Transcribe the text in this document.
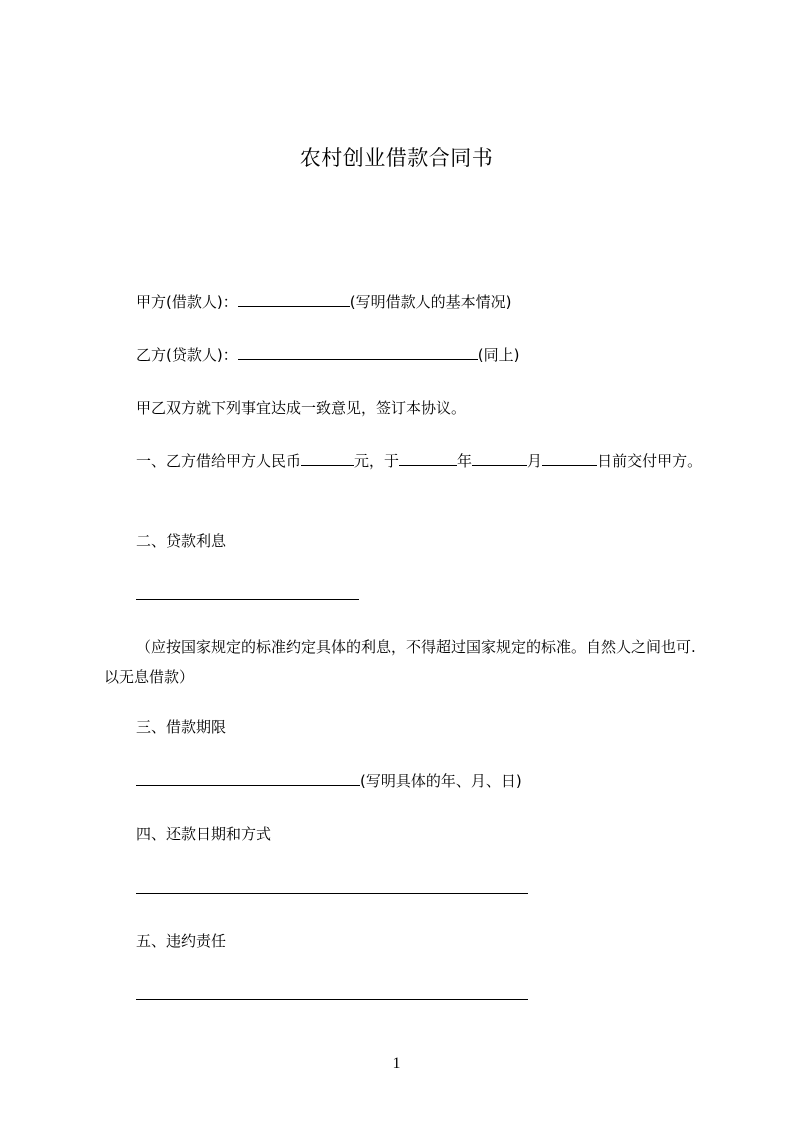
农村创业借款合同书
甲方(借款人)：	(写明借款人的基本情况)
乙方(贷款人)：	(同上)
甲乙双方就下列事宜达成一致意见，签订本协议。
一、乙方借给甲方人民币	元，于	年	月	日前交付甲方。
二、贷款利息
（应按国家规定的标准约定具体的利息，不得超过国家规定的标准。自然人之间也可.以无息借款）
三、借款期限
(写明具体的年、月、日)
四、还款日期和方式
五、违约责任
1
